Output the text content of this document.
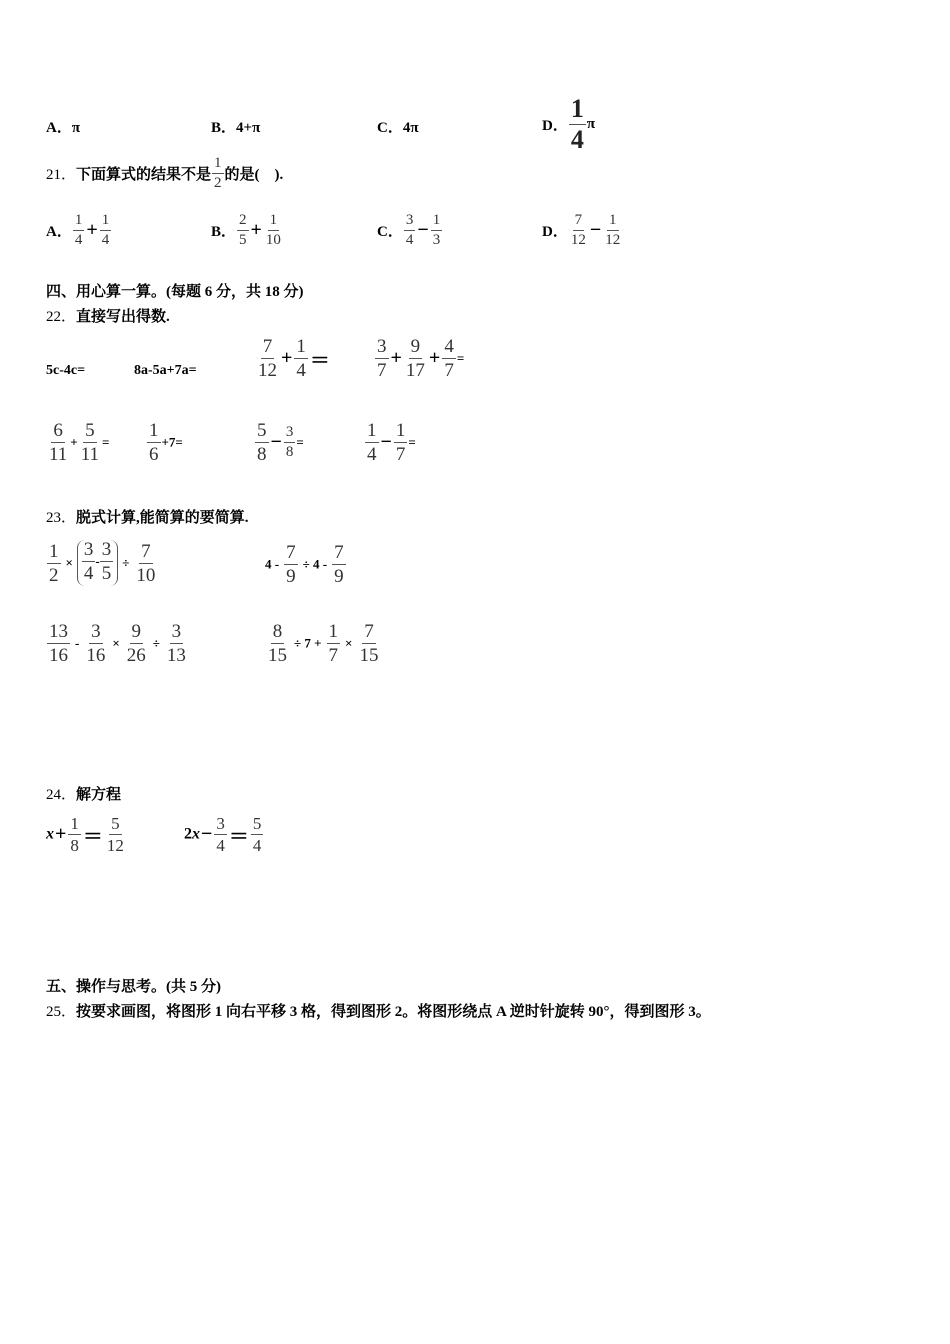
A．π	B．4+π	C．4π	D． $\frac{1}{4}$ π
21．下面算式的结果不是 $\frac{1}{2}$ 的是(　).
A． $\frac{1}{4} + \frac{1}{4}$	B． $\frac{2}{5} + \frac{1}{10}$	C． $\frac{3}{4} - \frac{1}{3}$	D． $\frac{7}{12} - \frac{1}{12}$
四、用心算一算。(每题 6 分，共 18 分)
22．直接写出得数.
5c-4c=	8a-5a+7a=	$\frac{7}{12} + \frac{1}{4} = \frac{3}{7} + \frac{9}{17} + \frac{4}{7}$ =
$\frac{6}{11} + \frac{5}{11} = \frac{1}{6} +7=$	$\frac{5}{8} - \frac{3}{8}$ =	$\frac{1}{4} - \frac{1}{7}$ =
23．脱式计算,能简算的要简算.
$\frac{1}{2} \times \frac{3}{4} - \frac{3}{5} \div \frac{7}{10}$	$4 - \frac{7}{9} \div 4 - \frac{7}{9}$
$\frac{13}{16} - \frac{3}{16} \times \frac{9}{26} \div \frac{3}{13}$	$\frac{8}{15} \div 7 + \frac{1}{7} \times \frac{7}{15}$
24．解方程
$x+ \frac{1}{8} = \frac{5}{12}$	$2x- \frac{3}{4} = \frac{5}{4}$
五、操作与思考。(共 5 分)
25．按要求画图，将图形 1 向右平移 3 格，得到图形 2。将图形绕点 A 逆时针旋转 90°，得到图形 3。
